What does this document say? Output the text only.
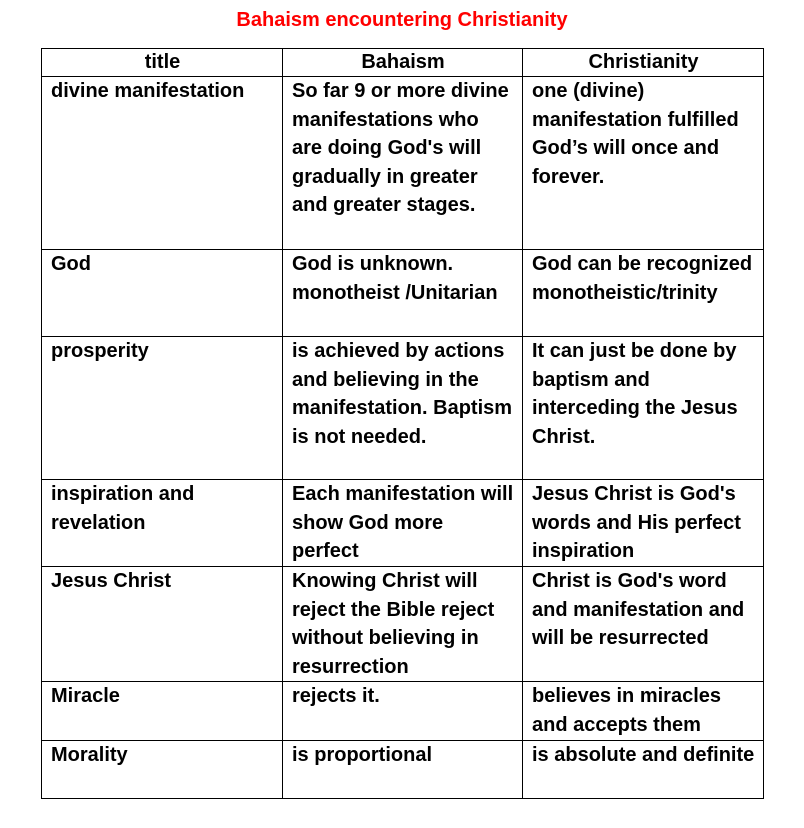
Bahaism encountering Christianity
title	Bahaism	Christianity
divine manifestation	So far 9 or more divine manifestations who are doing God's will gradually in greater and greater stages.	one (divine) manifestation fulfilled God’s will once and forever.
God	God is unknown. monotheist /Unitarian	God can be recognized monotheistic/trinity
prosperity	is achieved by actions and believing in the manifestation. Baptism is not needed.	It can just be done by baptism and interceding the Jesus Christ.
inspiration and revelation	Each manifestation will show God more perfect	Jesus Christ is God's words and His perfect inspiration
Jesus Christ	Knowing Christ will reject the Bible reject without believing in resurrection	Christ is God's word and manifestation and will be resurrected
Miracle	rejects it.	believes in miracles and accepts them
Morality	is proportional	is absolute and definite
